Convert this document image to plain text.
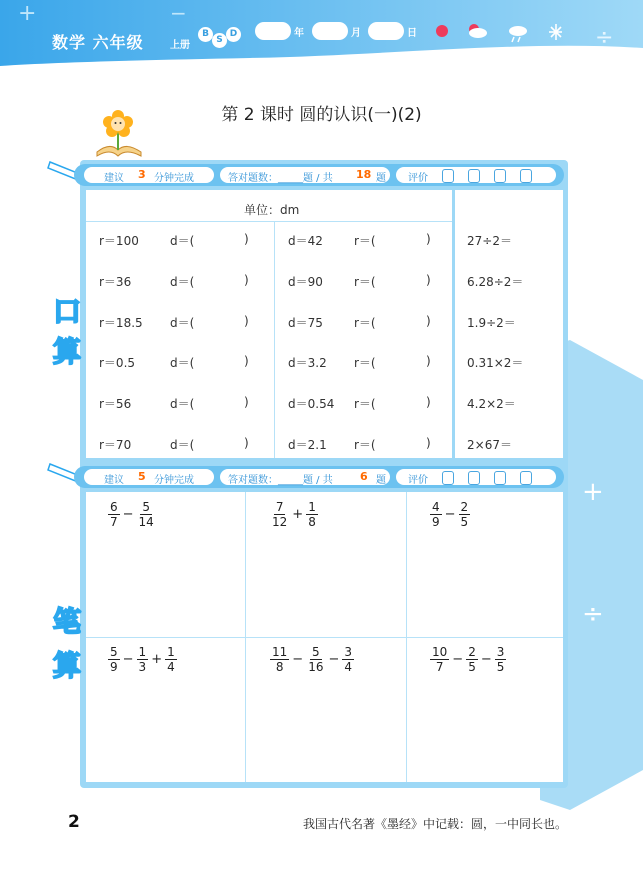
+	−
÷
数学 六年级	上册
B
S
D	年	月	日
第 2 课时 圆的认识(一)(2)
+
÷
建议 3 分钟完成	答对题数：_____题 / 共 18 题 评价
单位：dm
r＝100	d＝(	)	d＝42	r＝(	)	27÷2＝
r＝36	d＝(	)	d＝90	r＝(	)	6.28÷2＝
r＝18.5 d＝(	)	d＝75	r＝(	)	1.9÷2＝
r＝0.5	d＝(	)	d＝3.2 r＝(	)	0.31×2＝
r＝56	d＝(	)	d＝0.54 r＝(	)	4.2×2＝
r＝70	d＝(	)	d＝2.1 r＝(	)	2×67＝
口
算
建议 5 分钟完成	答对题数：_____题 / 共 6 题 评价
$\frac{6}{7} - \frac{5}{14}$	$\frac{7}{12} + \frac{1}{8}$	$\frac{4}{9} - \frac{2}{5}$
$\frac{5}{9} - \frac{1}{3} + \frac{1}{4}$	$\frac{11}{8} - \frac{5}{16} - \frac{3}{4}$	$\frac{10}{7} - \frac{2}{5} - \frac{3}{5}$
笔
算
2	我国古代名著《墨经》中记载：圆，一中同长也。
